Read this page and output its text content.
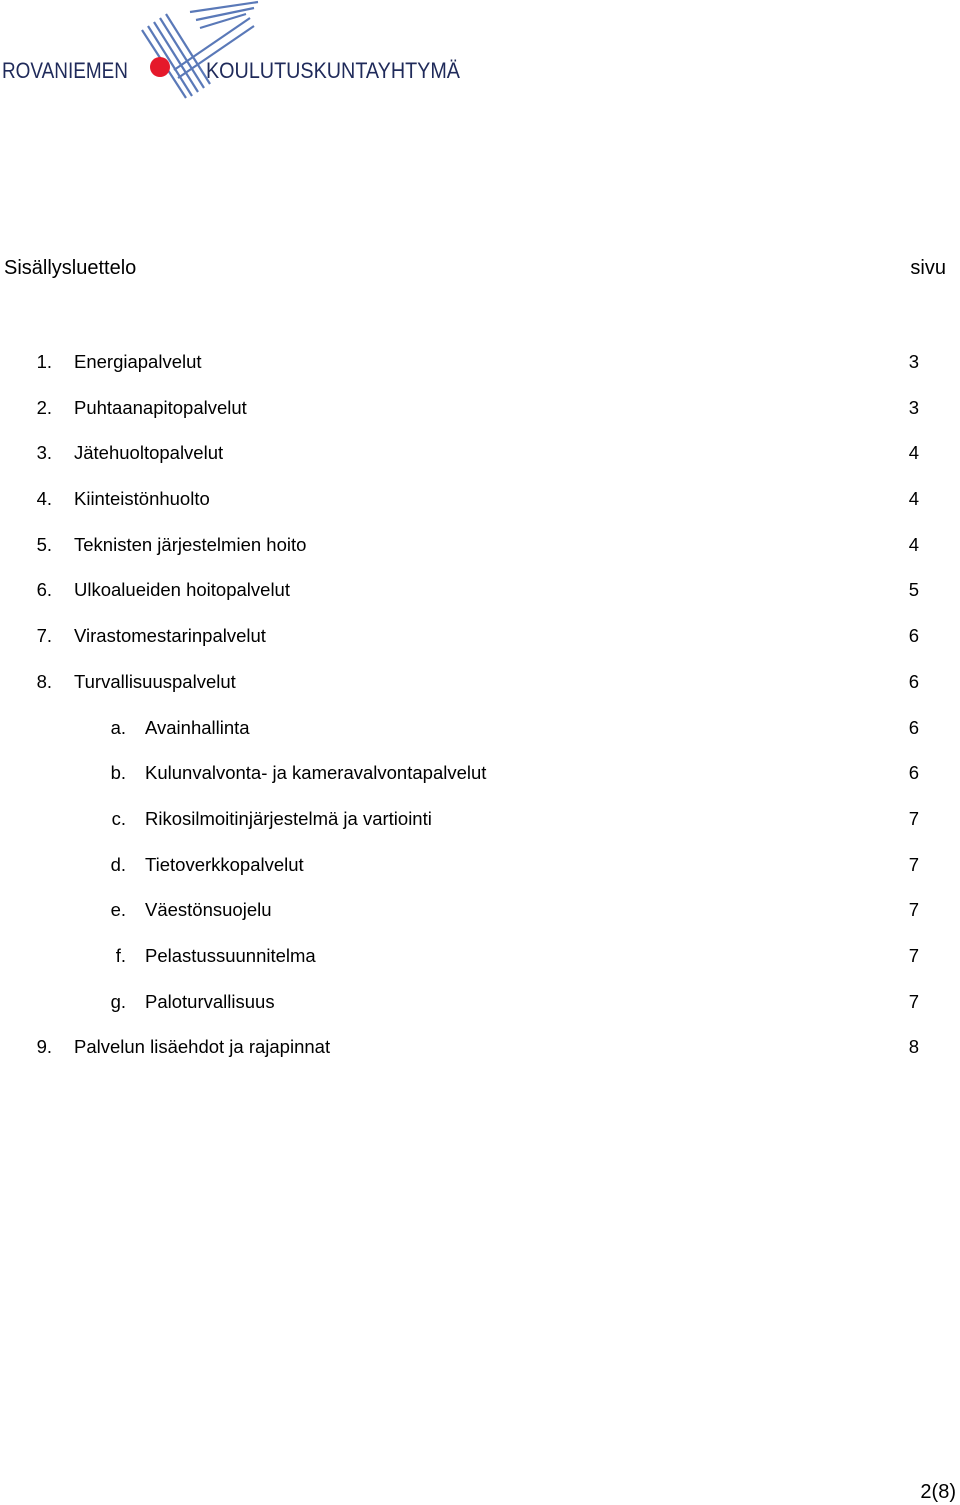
ROVANIEMEN	KOULUTUSKUNTAYHTYMÄ
Sisällysluettelo	sivu
1. Energiapalvelut	3
2. Puhtaanapitopalvelut	3
3. Jätehuoltopalvelut	4
4. Kiinteistönhuolto	4
5. Teknisten järjestelmien hoito	4
6. Ulkoalueiden hoitopalvelut	5
7. Virastomestarinpalvelut	6
8. Turvallisuuspalvelut	6
a. Avainhallinta	6
b. Kulunvalvonta- ja kameravalvontapalvelut	6
c. Rikosilmoitinjärjestelmä ja vartiointi	7
d. Tietoverkkopalvelut	7
e. Väestönsuojelu	7
f. Pelastussuunnitelma	7
g. Paloturvallisuus	7
9. Palvelun lisäehdot ja rajapinnat	8
2(8)
